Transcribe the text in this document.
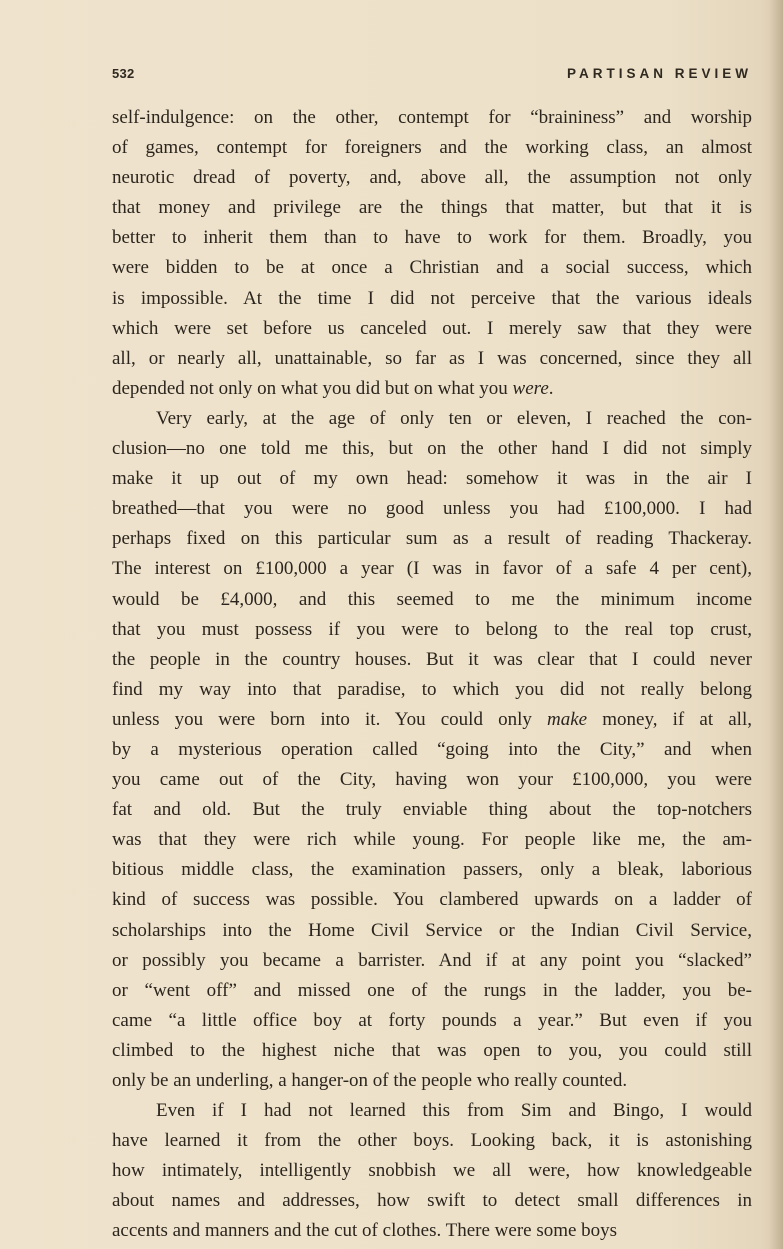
532	PARTISAN REVIEW
self-indulgence: on the other, contempt for “braininess” and worship
of games, contempt for foreigners and the working class, an almost
neurotic dread of poverty, and, above all, the assumption not only
that money and privilege are the things that matter, but that it is
better to inherit them than to have to work for them. Broadly, you
were bidden to be at once a Christian and a social success, which
is impossible. At the time I did not perceive that the various ideals
which were set before us canceled out. I merely saw that they were
all, or nearly all, unattainable, so far as I was concerned, since they all
depended not only on what you did but on what you were.
Very early, at the age of only ten or eleven, I reached the con-
clusion—no one told me this, but on the other hand I did not simply
make it up out of my own head: somehow it was in the air I
breathed—that you were no good unless you had £100,000. I had
perhaps fixed on this particular sum as a result of reading Thackeray.
The interest on £100,000 a year (I was in favor of a safe 4 per cent),
would be £4,000, and this seemed to me the minimum income
that you must possess if you were to belong to the real top crust,
the people in the country houses. But it was clear that I could never
find my way into that paradise, to which you did not really belong
unless you were born into it. You could only make money, if at all,
by a mysterious operation called “going into the City,” and when
you came out of the City, having won your £100,000, you were
fat and old. But the truly enviable thing about the top-notchers
was that they were rich while young. For people like me, the am-
bitious middle class, the examination passers, only a bleak, laborious
kind of success was possible. You clambered upwards on a ladder of
scholarships into the Home Civil Service or the Indian Civil Service,
or possibly you became a barrister. And if at any point you “slacked”
or “went off” and missed one of the rungs in the ladder, you be-
came “a little office boy at forty pounds a year.” But even if you
climbed to the highest niche that was open to you, you could still
only be an underling, a hanger-on of the people who really counted.
Even if I had not learned this from Sim and Bingo, I would
have learned it from the other boys. Looking back, it is astonishing
how intimately, intelligently snobbish we all were, how knowledgeable
about names and addresses, how swift to detect small differences in
accents and manners and the cut of clothes. There were some boys
